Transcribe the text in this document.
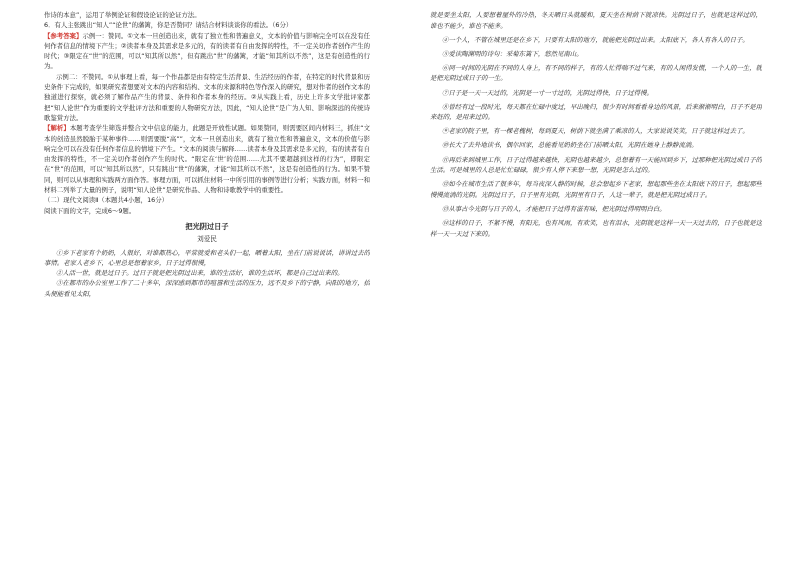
作诗的本意”，运用了举例论证和假设论证的论证方法。

6．有人主张跳出“知人”“论世”的藩篱，你是否赞同？请结合材料谈谈你的看法。（6分）

【参考答案】示例一：赞同。①文本一旦创造出来，就有了独立性和普遍意义，文本的价值与影响完全可以在没有任何作者信息的情境下产生；②读者本身及其需求是多元的，有的读者有自由发挥的特性，不一定关切作者创作产生的时代；③限定在“世”的范围，可以“知其所以然”，但有跳出“世”的藩篱，才能“知其所以不然”，这是有创造性的行为。

示例二：不赞同。①从事理上看，每一个作品都是由有特定生活背景、生活经历的作者，在特定的时代背景和历史条件下完成的，如果研究者想要对文本的内容和结构、文本的来源和特色等作深入的研究，想对作者的创作文本的独道进行探察，就必须了解作品产生的背景、条件和作者本身的经历。②从实践上看，历史上许多文学批评家都把“知人论世”作为重要的文学批评方法和重要的人物研究方法，因此，“知人论世”是广为人知、影响深远的传统诗歌鉴赏方法。

【解析】本题考查学生筛选并整合文中信息的能力，此题是开放性试题。如果赞同，则需要区间内材料三，抓住“文本的创造虽然脱胎于某种事件……则需要脱“高””，文本一旦创造出来，就有了独立性和普遍意义，文本的价值与影响完全可以在没有任何作者信息的情境下产生。“文本的阅读与解释……读者本身及其需求是多元的，有的读者有自由发挥的特性，不一定关切作者创作产生的时代。“限定在‘世’的范围……尤其不要超越到这样的行为”，即限定在“世”的范围，可以“知其所以然”，只有跳出“世”的藩篱，才能“知其所以不然”，这是有创造性的行为。如果不赞同，则可以从事理和实践两方面作答。事理方面，可以抓住材料一中所引用的事例等进行分析；实践方面，材料一和材料二列举了大量的例子，说明“知人论世”是研究作品、人物和诗歌教学中的重要性。

（二）现代文阅读Ⅱ（本题共4小题，16分）

阅读下面的文字，完成6～9题。

把光阴过日子

刘爱民

①乡下老家有个奶奶，人很好，对谁都热心，平常就爱和老头们一起，晒着太阳，坐在门前说说话，讲讲过去的事情。老家人老乡下，心里总是想着家乡，日子过得很慢，

②人活一世，就是过日子。过日子就是把光阴过出来，谁的生活好，谁的生活坏，都是自己过出来的。

③在都市的办公室里工作了二十多年，深深感到都市的喧嚣和生活的压力，远不及乡下的宁静，向阳的地方，抬头便能看见太阳，

就是要坐太阳，人要想着屋外的冷热，冬天晒日头就暖和，夏天坐在树荫下就凉快。光阴过日子，也就是这样过的，谁也不能少，谁也不能多。

④一个人，不管在城里还是在乡下，只要有太阳的地方，就能把光阴过出来。太阳底下，各人有各人的日子。

⑤爱读陶渊明的诗句：采菊东篱下，悠然见南山。

⑥同一时间的光阴在不同的人身上，有不同的样子，有的人忙得喘不过气来，有的人闲得发慌，一个人的一生，就是把光阴过成日子的一生。

⑦日子是一天一天过的，光阴是一寸一寸过的，光阴过得快，日子过得慢。

⑧曾经有过一段时光，每天都在忙碌中度过，早出晚归，很少有时间看看身边的风景，后来渐渐明白，日子不是用来赶的，是用来过的。

⑨老家的院子里，有一棵老槐树，每到夏天，树荫下就坐满了乘凉的人，大家说说笑笑，日子就这样过去了。

⑩长大了去外地读书，偶尔回家，总能看见奶奶坐在门前晒太阳，光阴在她身上静静流淌。

⑪再后来到城里工作，日子过得越来越快，光阴也越来越少，总想着有一天能回到乡下，过那种把光阴过成日子的生活。可是城里的人总是忙忙碌碌，很少有人停下来想一想，光阴是怎么过的。

⑫如今在城市生活了很多年，每当夜深人静的时候，总会想起乡下老家，想起那些坐在太阳底下的日子，想起那些慢慢流淌的光阴。光阴过日子，日子里有光阴，光阴里有日子，人这一辈子，就是把光阴过成日子。

⑬从事古今光阴与日子的人，才能把日子过得有滋有味，把光阴过得明明白白。

⑭这样的日子，不紧不慢，有阳光，也有风雨，有欢笑，也有泪水，光阴就是这样一天一天过去的，日子也就是这样一天一天过下来的。
